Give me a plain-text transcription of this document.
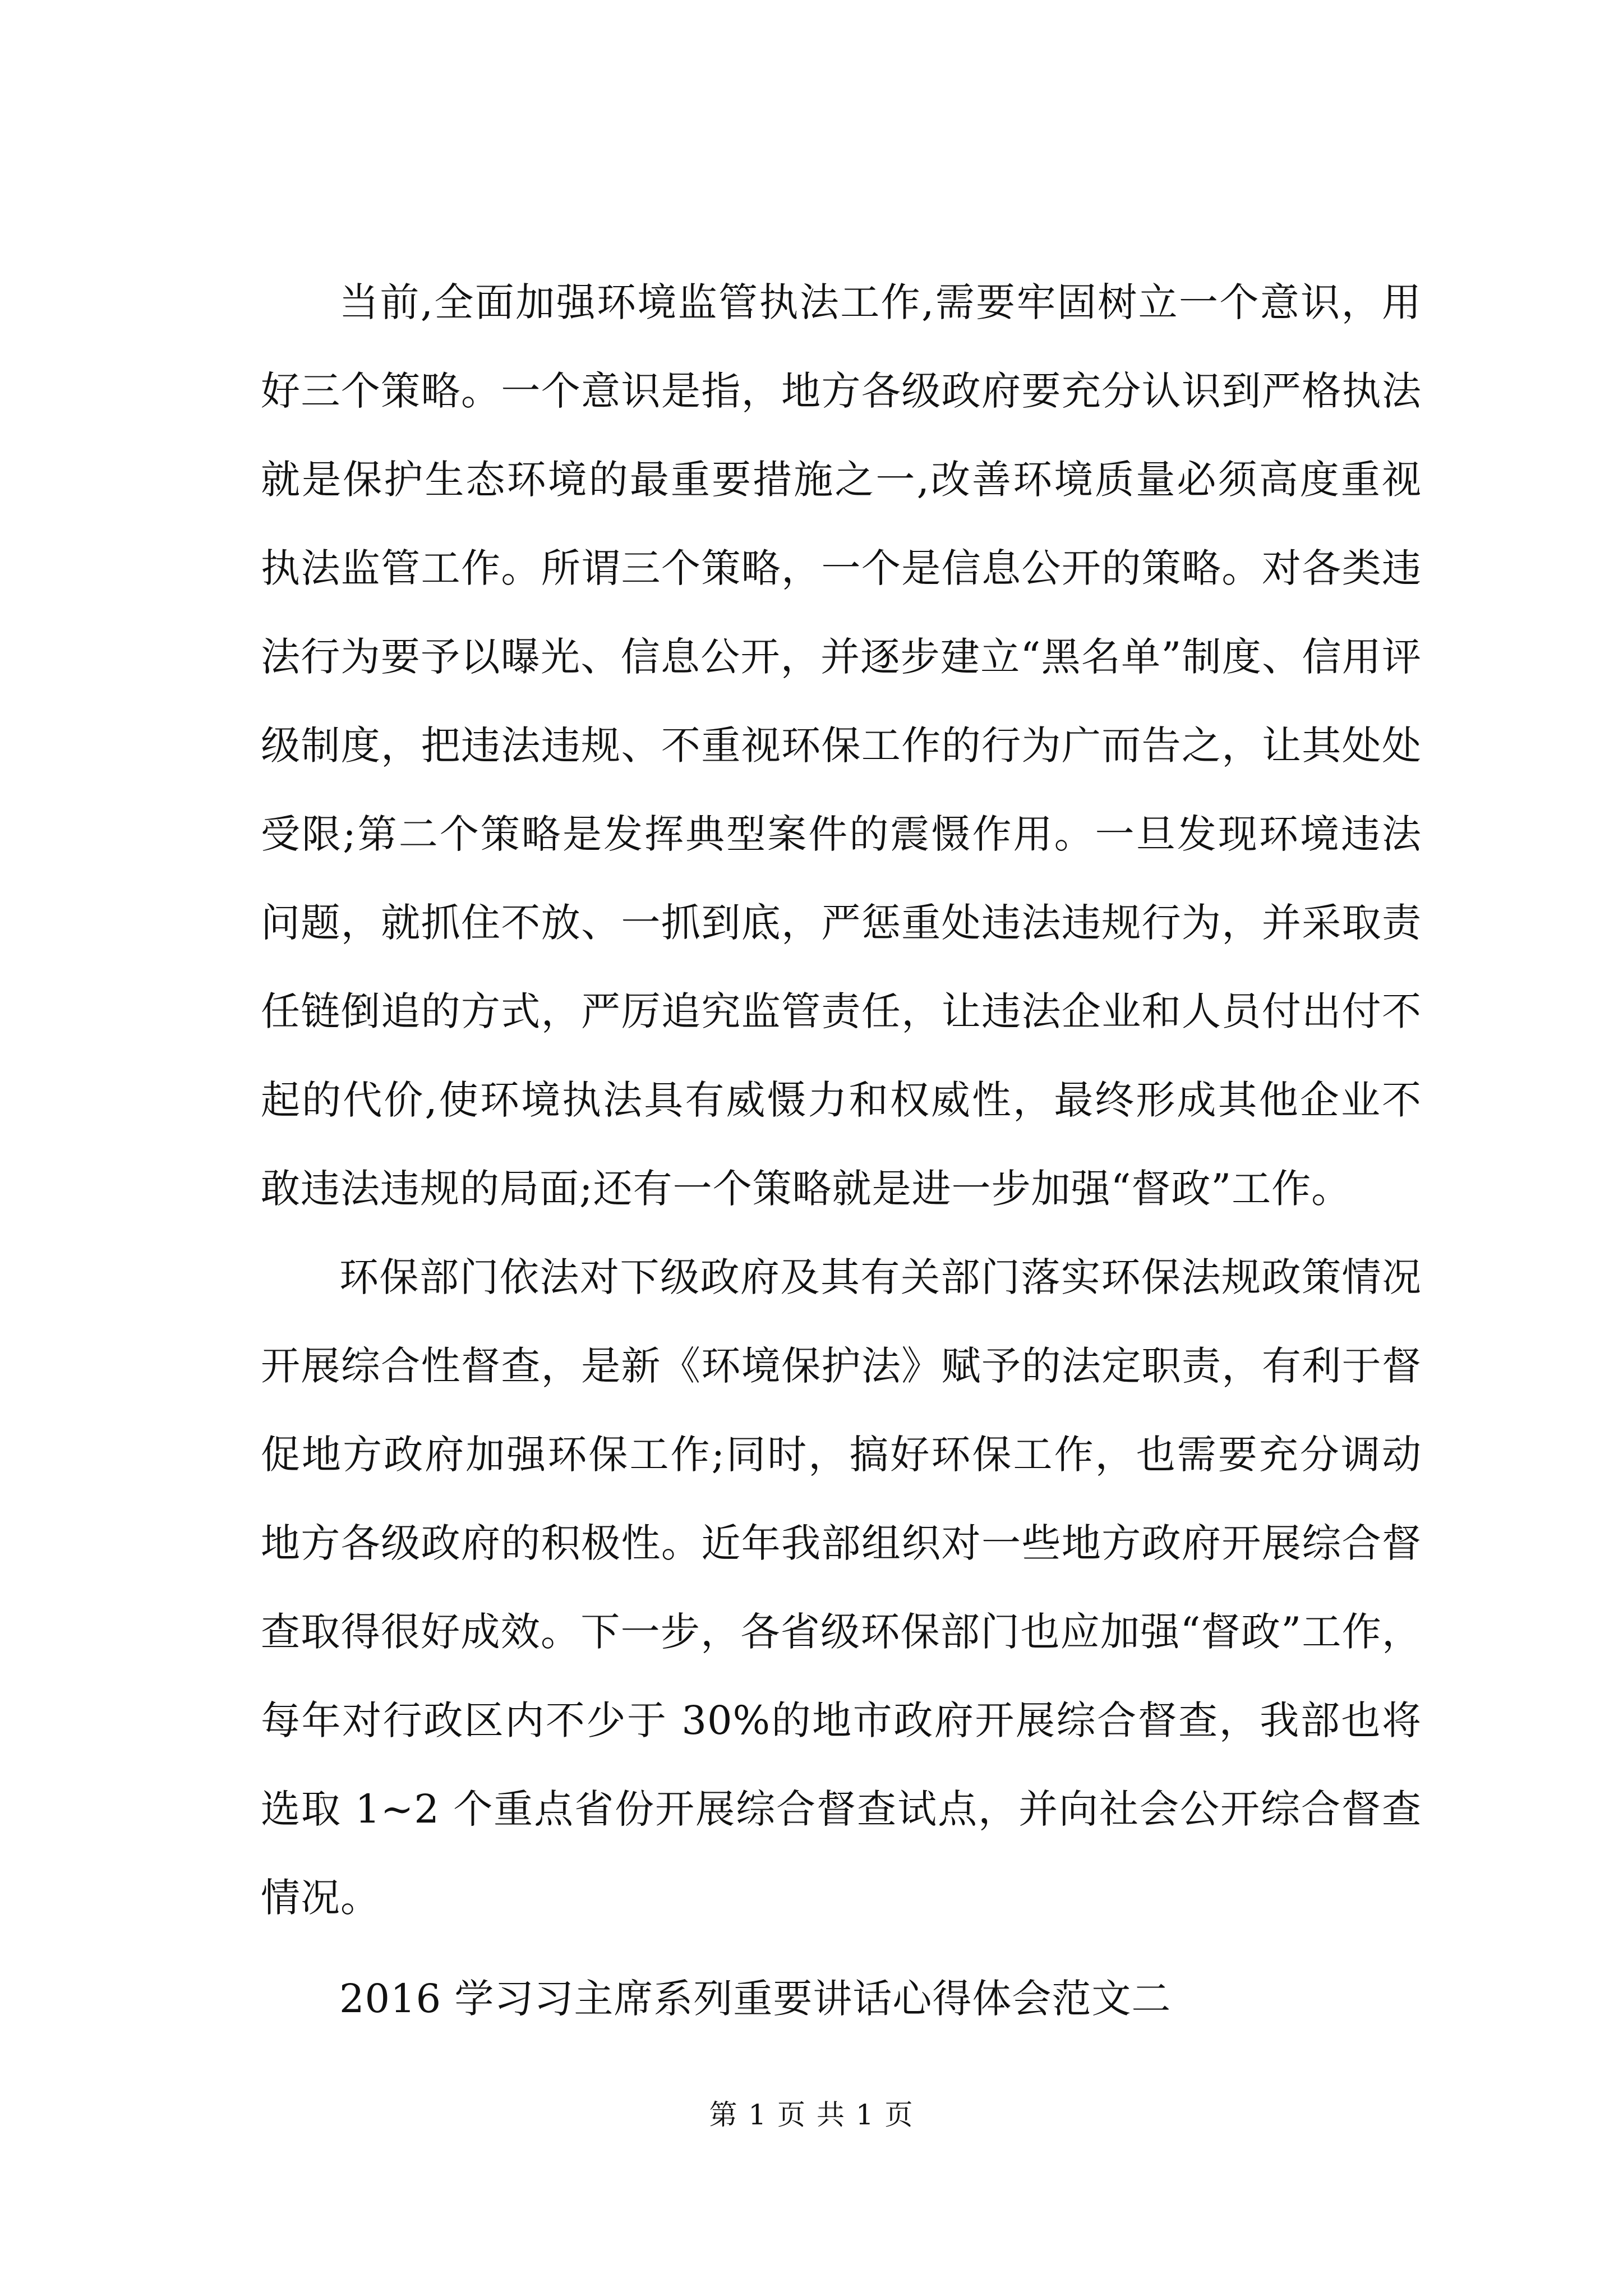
当前,全面加强环境监管执法工作,需要牢固树立一个意识，用好三个策略。一个意识是指，地方各级政府要充分认识到严格执法就是保护生态环境的最重要措施之一,改善环境质量必须高度重视执法监管工作。所谓三个策略，一个是信息公开的策略。对各类违法行为要予以曝光、信息公开，并逐步建立“黑名单”制度、信用评级制度，把违法违规、不重视环保工作的行为广而告之，让其处处受限;第二个策略是发挥典型案件的震慑作用。一旦发现环境违法问题，就抓住不放、一抓到底，严惩重处违法违规行为，并采取责任链倒追的方式，严厉追究监管责任，让违法企业和人员付出付不起的代价,使环境执法具有威慑力和权威性，最终形成其他企业不敢违法违规的局面;还有一个策略就是进一步加强“督政”工作。

环保部门依法对下级政府及其有关部门落实环保法规政策情况开展综合性督查，是新《环境保护法》赋予的法定职责，有利于督促地方政府加强环保工作;同时，搞好环保工作，也需要充分调动地方各级政府的积极性。近年我部组织对一些地方政府开展综合督查取得很好成效。下一步，各省级环保部门也应加强“督政”工作，每年对行政区内不少于 30%的地市政府开展综合督查，我部也将选取 1~2 个重点省份开展综合督查试点，并向社会公开综合督查情况。

2016 学习习主席系列重要讲话心得体会范文二

第 1 页 共 1 页
